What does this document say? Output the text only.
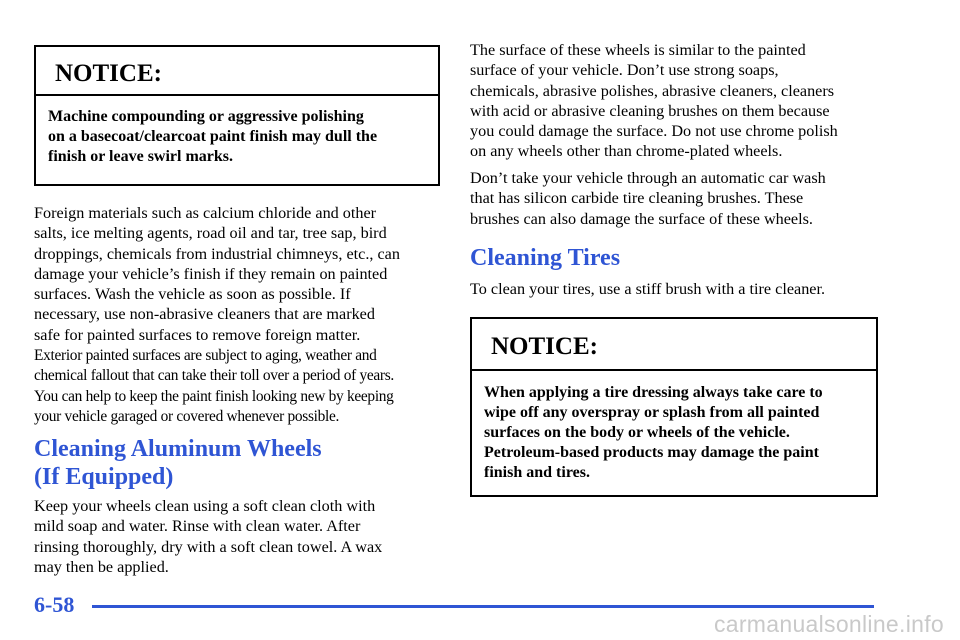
NOTICE:
Machine compounding or aggressive polishing
on a basecoat/clearcoat paint finish may dull the
finish or leave swirl marks.
Foreign materials such as calcium chloride and other
salts, ice melting agents, road oil and tar, tree sap, bird
droppings, chemicals from industrial chimneys, etc., can
damage your vehicle’s finish if they remain on painted
surfaces. Wash the vehicle as soon as possible. If
necessary, use non‑abrasive cleaners that are marked
safe for painted surfaces to remove foreign matter.
Exterior painted surfaces are subject to aging, weather and
chemical fallout that can take their toll over a period of years.
You can help to keep the paint finish looking new by keeping
your vehicle garaged or covered whenever possible.
Cleaning Aluminum Wheels
(If Equipped)
Keep your wheels clean using a soft clean cloth with
mild soap and water. Rinse with clean water. After
rinsing thoroughly, dry with a soft clean towel. A wax
may then be applied.
The surface of these wheels is similar to the painted
surface of your vehicle. Don’t use strong soaps,
chemicals, abrasive polishes, abrasive cleaners, cleaners
with acid or abrasive cleaning brushes on them because
you could damage the surface. Do not use chrome polish
on any wheels other than chrome‑plated wheels.
Don’t take your vehicle through an automatic car wash
that has silicon carbide tire cleaning brushes. These
brushes can also damage the surface of these wheels.
Cleaning Tires
To clean your tires, use a stiff brush with a tire cleaner.
NOTICE:
When applying a tire dressing always take care to
wipe off any overspray or splash from all painted
surfaces on the body or wheels of the vehicle.
Petroleum‑based products may damage the paint
finish and tires.
6-58
carmanualsonline.info
